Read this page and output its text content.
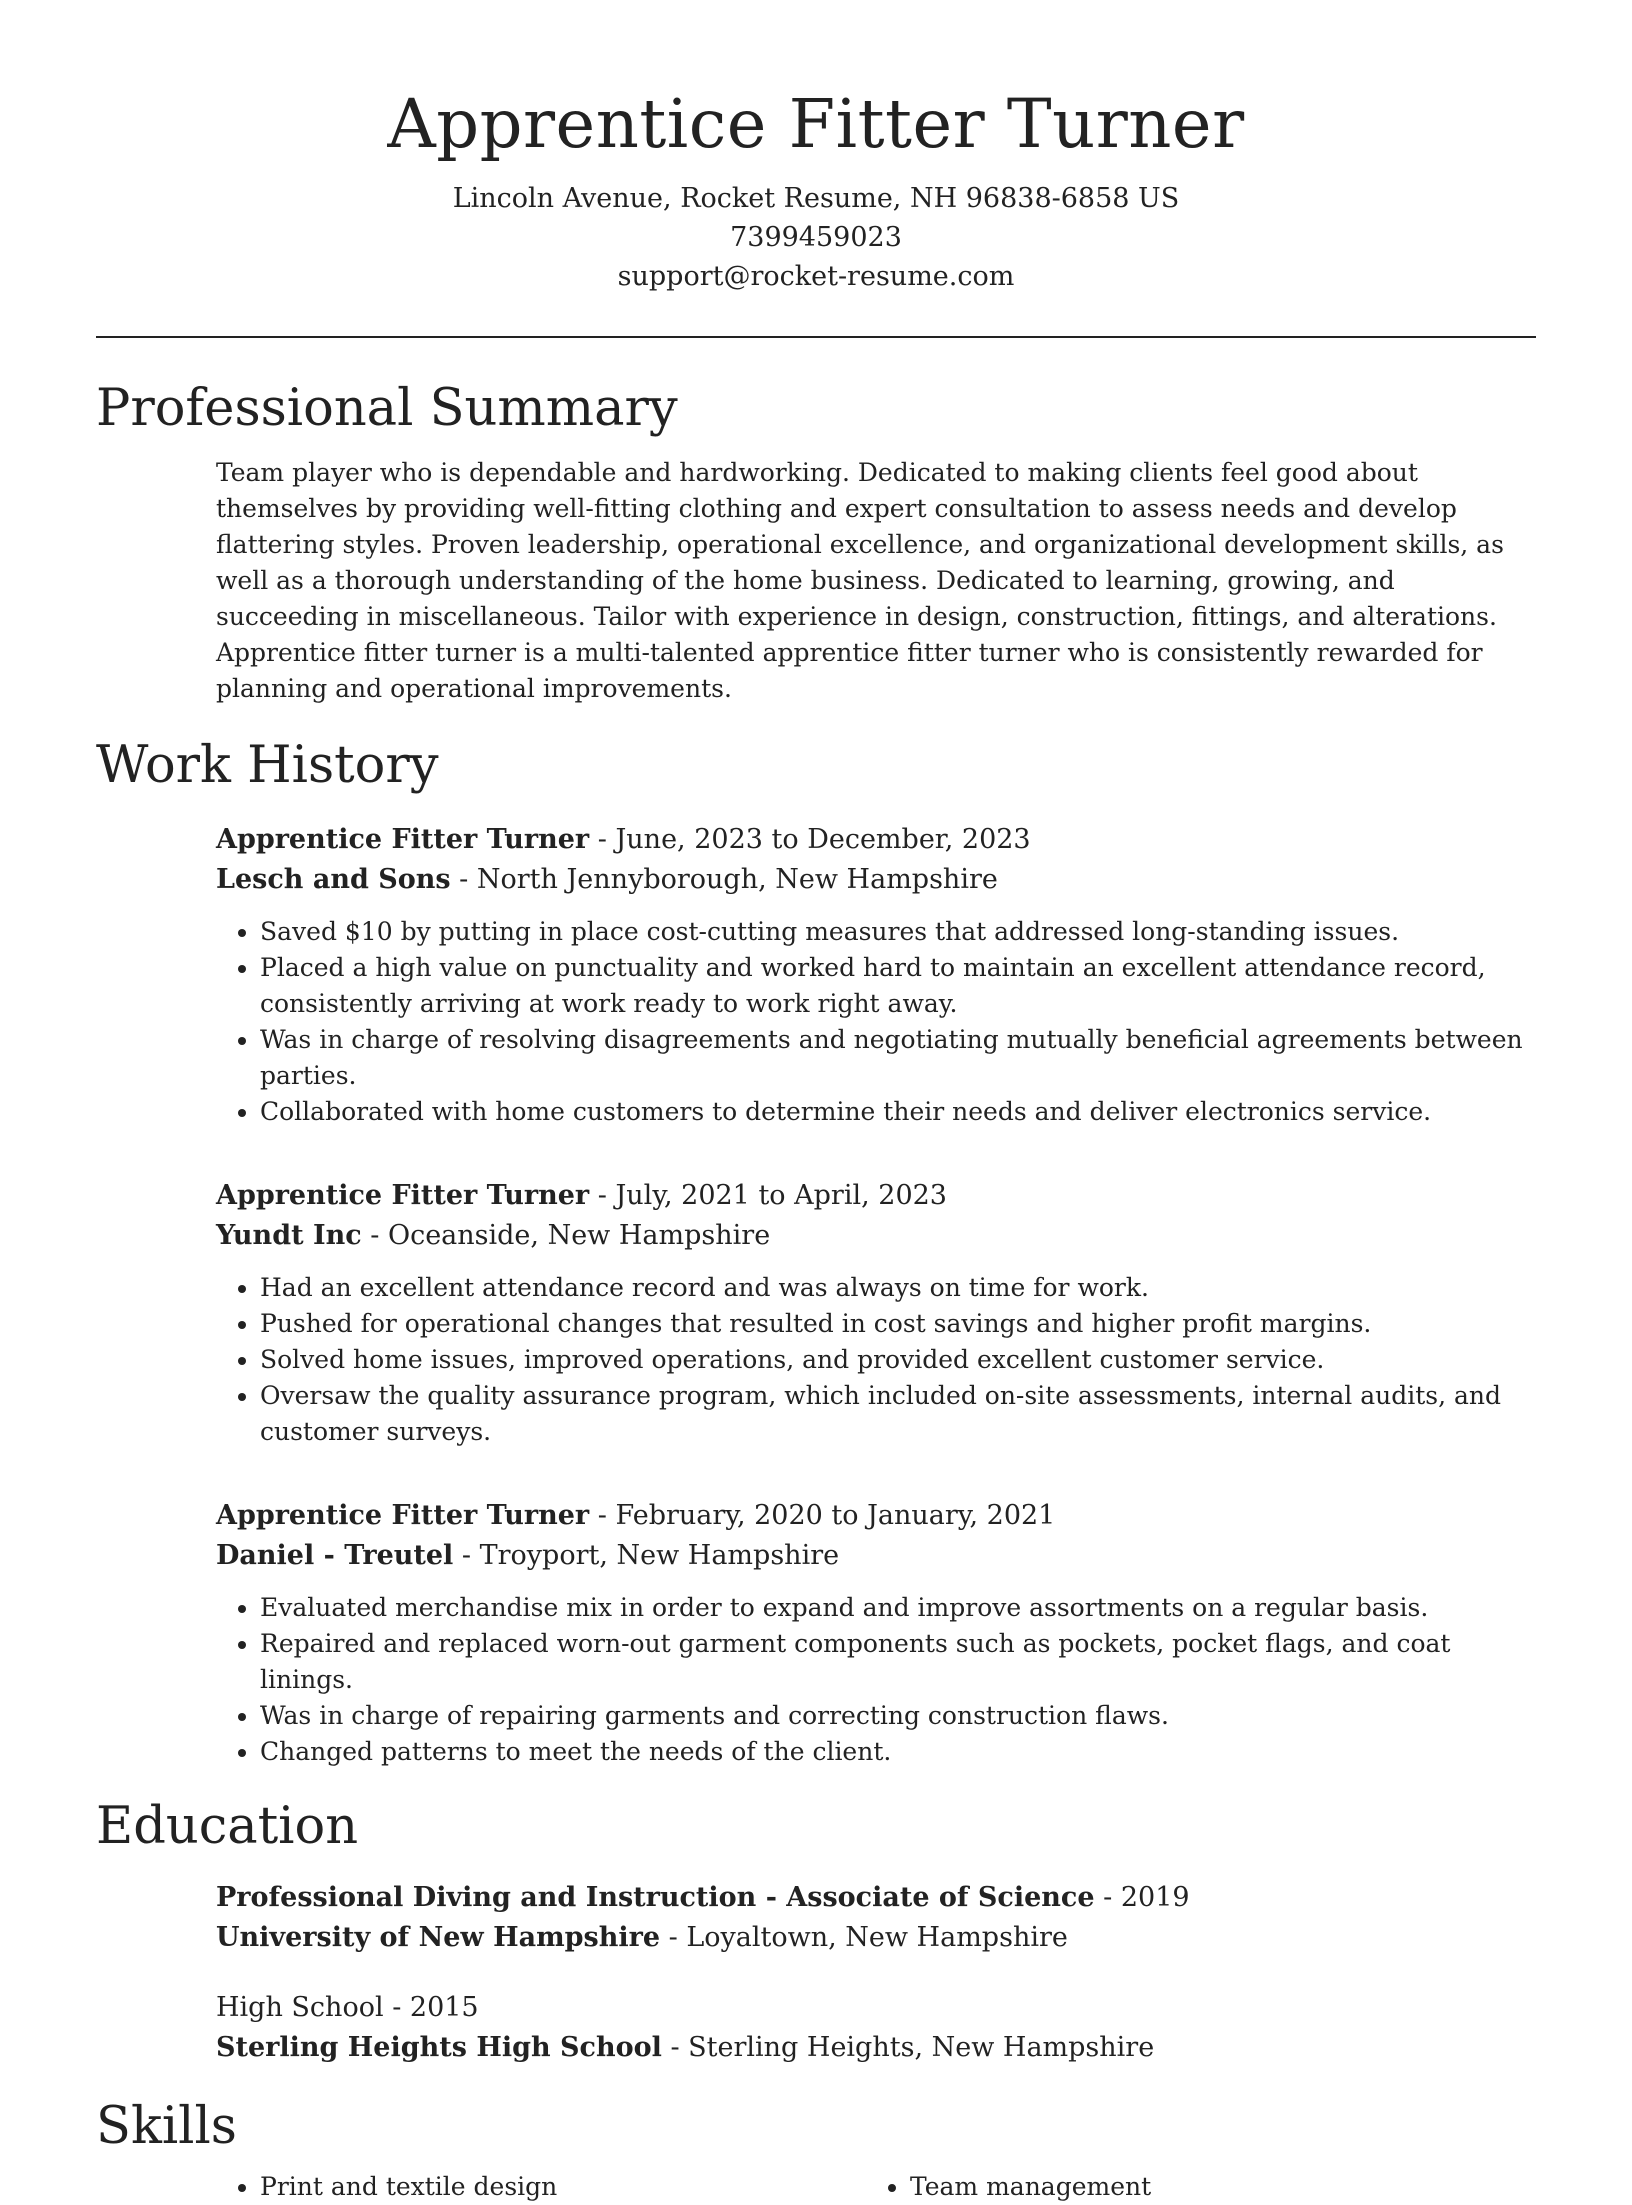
Apprentice Fitter Turner

Lincoln Avenue, Rocket Resume, NH 96838-6858 US

7399459023

support@rocket-resume.com

Professional Summary

Team player who is dependable and hardworking. Dedicated to making clients feel good about themselves by providing well-fitting clothing and expert consultation to assess needs and develop flattering styles. Proven leadership, operational excellence, and organizational development skills, as well as a thorough understanding of the home business. Dedicated to learning, growing, and succeeding in miscellaneous. Tailor with experience in design, construction, fittings, and alterations. Apprentice fitter turner is a multi-talented apprentice fitter turner who is consistently rewarded for planning and operational improvements.

Work History

Apprentice Fitter Turner - June, 2023 to December, 2023

Lesch and Sons - North Jennyborough, New Hampshire

• Saved $10 by putting in place cost-cutting measures that addressed long-standing issues.
• Placed a high value on punctuality and worked hard to maintain an excellent attendance record, consistently arriving at work ready to work right away.
• Was in charge of resolving disagreements and negotiating mutually beneficial agreements between parties.
• Collaborated with home customers to determine their needs and deliver electronics service.

Apprentice Fitter Turner - July, 2021 to April, 2023

Yundt Inc - Oceanside, New Hampshire

• Had an excellent attendance record and was always on time for work.
• Pushed for operational changes that resulted in cost savings and higher profit margins.
• Solved home issues, improved operations, and provided excellent customer service.
• Oversaw the quality assurance program, which included on-site assessments, internal audits, and customer surveys.

Apprentice Fitter Turner - February, 2020 to January, 2021

Daniel - Treutel - Troyport, New Hampshire

• Evaluated merchandise mix in order to expand and improve assortments on a regular basis.
• Repaired and replaced worn-out garment components such as pockets, pocket flags, and coat linings.
• Was in charge of repairing garments and correcting construction flaws.
• Changed patterns to meet the needs of the client.
Education

Professional Diving and Instruction - Associate of Science - 2019

University of New Hampshire - Loyaltown, New Hampshire

High School - 2015

Sterling Heights High School - Sterling Heights, New Hampshire

Skills
• Print and textile design
•	Team management
